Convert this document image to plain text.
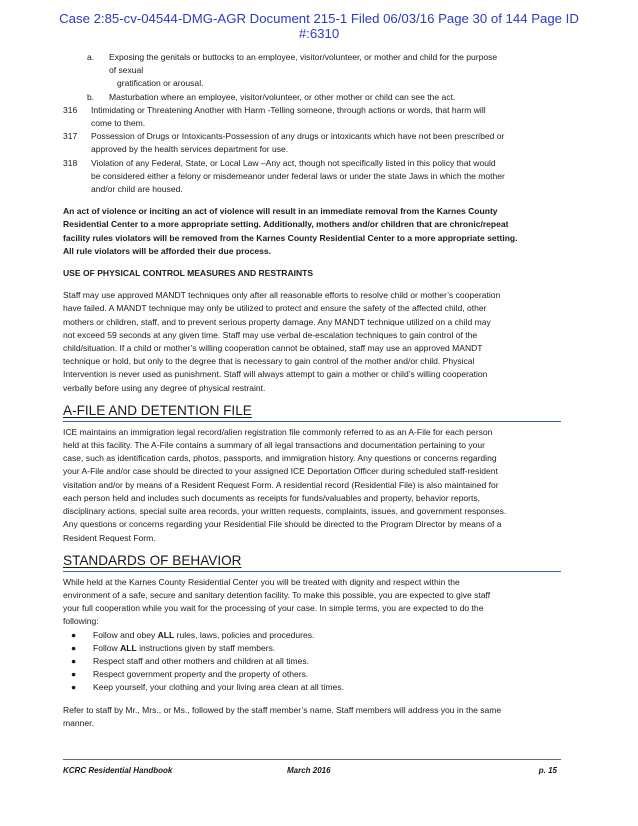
Case 2:85-cv-04544-DMG-AGR Document 215-1 Filed 06/03/16 Page 30 of 144 Page ID
#:6310
a.	Exposing the genitals or buttocks to an employee, visitor/volunteer, or mother and child for the purpose
of sexual
gratification or arousal.
b.	Masturbation where an employee, visitor/volunteer, or other mother or child can see the act.
316	Intimidating or Threatening Another with Harm -Telling someone, through actions or words, that harm will
come to them.
317	Possession of Drugs or Intoxicants-Possession of any drugs or intoxicants which have not been prescribed or
approved by the health services department for use.
318	Violation of any Federal, State, or Local Law –Any act, though not specifically listed in this policy that would
be considered either a felony or misdemeanor under federal laws or under the state Jaws in which the mother
and/or child are housed.
An act of violence or inciting an act of violence will result in an immediate removal from the Karnes County
Residential Center to a more appropriate setting. Additionally, mothers and/or children that are chronic/repeat
facility rules violators will be removed from the Karnes County Residential Center to a more appropriate setting.
All rule violators will be afforded their due process.
USE OF PHYSICAL CONTROL MEASURES AND RESTRAINTS
Staff may use approved MANDT techniques only after all reasonable efforts to resolve child or mother’s cooperation
have failed. A MANDT technique may only be utilized to protect and ensure the safety of the affected child, other
mothers or children, staff, and to prevent serious property damage. Any MANDT technique utilized on a child may
not exceed 59 seconds at any given time. Staff may use verbal de-escalation techniques to gain control of the
child/situation. If a child or mother’s willing cooperation cannot be obtained, staff may use an approved MANDT
technique or hold, but only to the degree that is necessary to gain control of the mother and/or child. Physical
Intervention is never used as punishment. Staff will always attempt to gain a mother or child’s willing cooperation
verbally before using any degree of physical restraint.
A-FILE AND DETENTION FILE
ICE maintains an immigration legal record/alien registration file commonly referred to as an A-File for each person
held at this facility. The A-File contains a summary of all legal transactions and documentation pertaining to your
case, such as identification cards, photos, passports, and immigration history. Any questions or concerns regarding
your A-File and/or case should be directed to your assigned ICE Deportation Officer during scheduled staff-resident
visitation and/or by means of a Resident Request Form. A residential record (Residential File) is also maintained for
each person held and includes such documents as receipts for funds/valuables and property, behavior reports,
disciplinary actions, special suite area records, your written requests, complaints, issues, and government responses.
Any questions or concerns regarding your Residential File should be directed to the Program Director by means of a
Resident Request Form.
STANDARDS OF BEHAVIOR
While held at the Karnes County Residential Center you will be treated with dignity and respect within the
environment of a safe, secure and sanitary detention facility. To make this possible, you are expected to give staff
your full cooperation while you wait for the processing of your case. In simple terms, you are expected to do the
following:
●	Follow and obey ALL rules, laws, policies and procedures.
●	Follow ALL instructions given by staff members.
●	Respect staff and other mothers and children at all times.
●	Respect government property and the property of others.
●	Keep yourself, your clothing and your living area clean at all times.
Refer to staff by Mr., Mrs., or Ms., followed by the staff member’s name. Staff members will address you in the same
manner.
KCRC Residential Handbook	March 2016	p. 15
